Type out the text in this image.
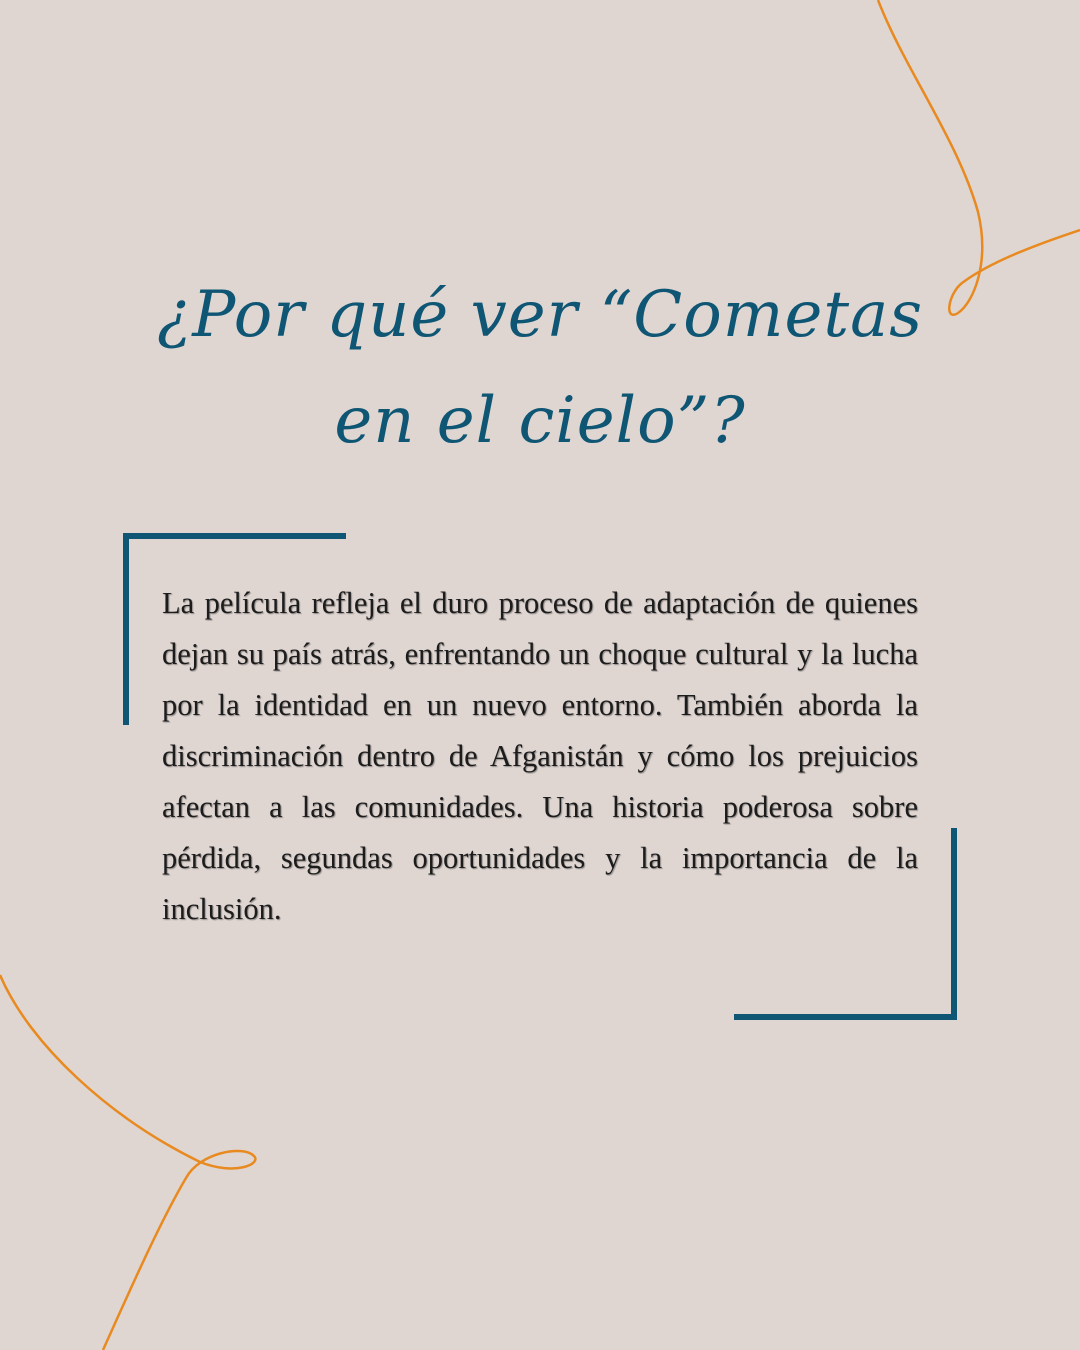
¿Por qué ver “Cometas
en el cielo”?

La película refleja el duro proceso de adaptación de quienes dejan su país atrás, enfrentando un choque cultural y la lucha por la identidad en un nuevo entorno. También aborda la discriminación dentro de Afganistán y cómo los prejuicios afectan a las comunidades. Una historia poderosa sobre pérdida, segundas oportunidades y la importancia de la inclusión.
